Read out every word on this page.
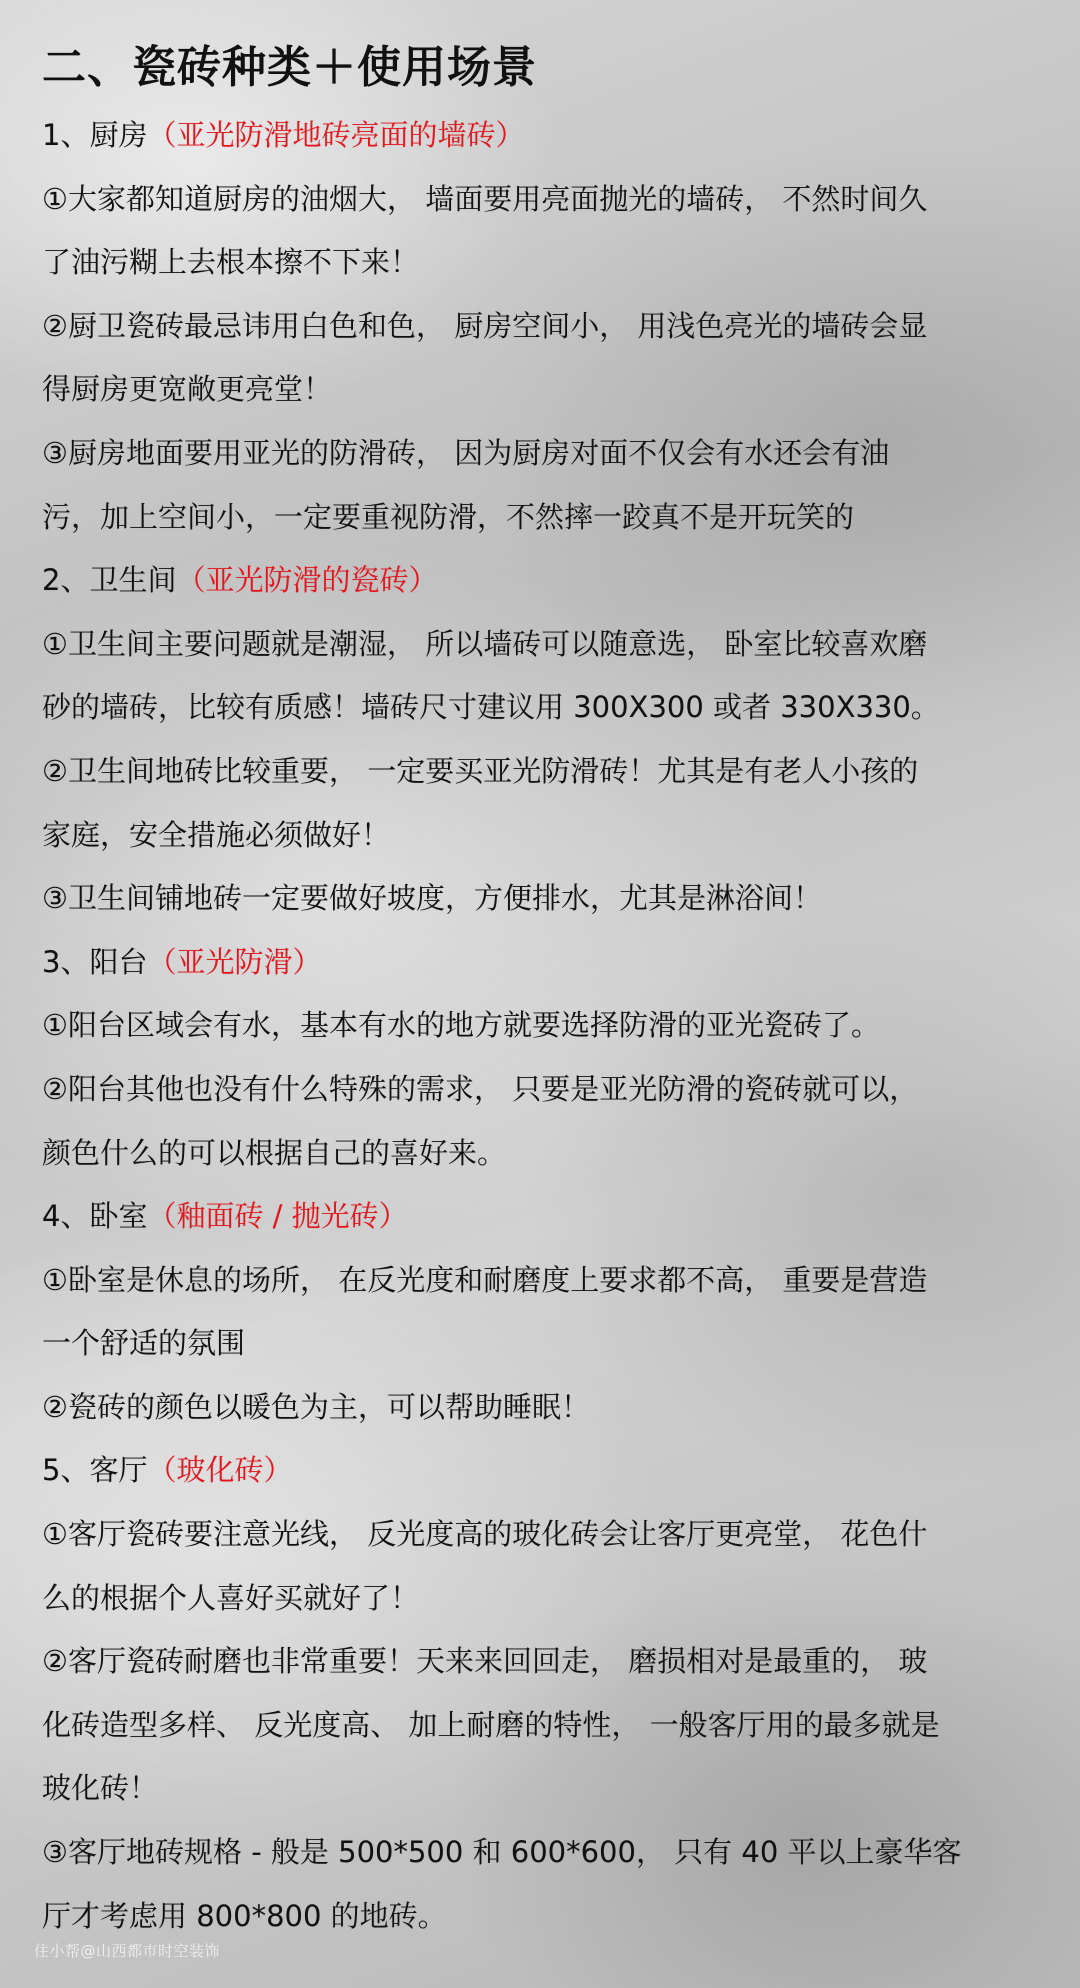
二、瓷砖种类＋使用场景
1、厨房（亚光防滑地砖亮面的墙砖）
①大家都知道厨房的油烟大， 墙面要用亮面抛光的墙砖， 不然时间久
了油污糊上去根本擦不下来！
②厨卫瓷砖最忌讳用白色和色， 厨房空间小， 用浅色亮光的墙砖会显
得厨房更宽敞更亮堂！
③厨房地面要用亚光的防滑砖， 因为厨房对面不仅会有水还会有油
污，加上空间小，一定要重视防滑，不然摔一跤真不是开玩笑的
2、卫生间（亚光防滑的瓷砖）
①卫生间主要问题就是潮湿， 所以墙砖可以随意选， 卧室比较喜欢磨
砂的墙砖，比较有质感！墙砖尺寸建议用 300X300 或者 330X330。
②卫生间地砖比较重要， 一定要买亚光防滑砖！尤其是有老人小孩的
家庭，安全措施必须做好！
③卫生间铺地砖一定要做好坡度，方便排水，尤其是淋浴间！
3、阳台（亚光防滑）
①阳台区域会有水，基本有水的地方就要选择防滑的亚光瓷砖了。
②阳台其他也没有什么特殊的需求， 只要是亚光防滑的瓷砖就可以，
颜色什么的可以根据自己的喜好来。
4、卧室（釉面砖 / 抛光砖）
①卧室是休息的场所， 在反光度和耐磨度上要求都不高， 重要是营造
一个舒适的氛围
②瓷砖的颜色以暖色为主，可以帮助睡眠！
5、客厅（玻化砖）
①客厅瓷砖要注意光线， 反光度高的玻化砖会让客厅更亮堂， 花色什
么的根据个人喜好买就好了！
②客厅瓷砖耐磨也非常重要！天来来回回走， 磨损相对是最重的， 玻
化砖造型多样、 反光度高、 加上耐磨的特性， 一般客厅用的最多就是
玻化砖！
③客厅地砖规格 - 般是 500*500 和 600*600， 只有 40 平以上豪华客
厅才考虑用 800*800 的地砖。
住小帮@山西都市时空装饰
